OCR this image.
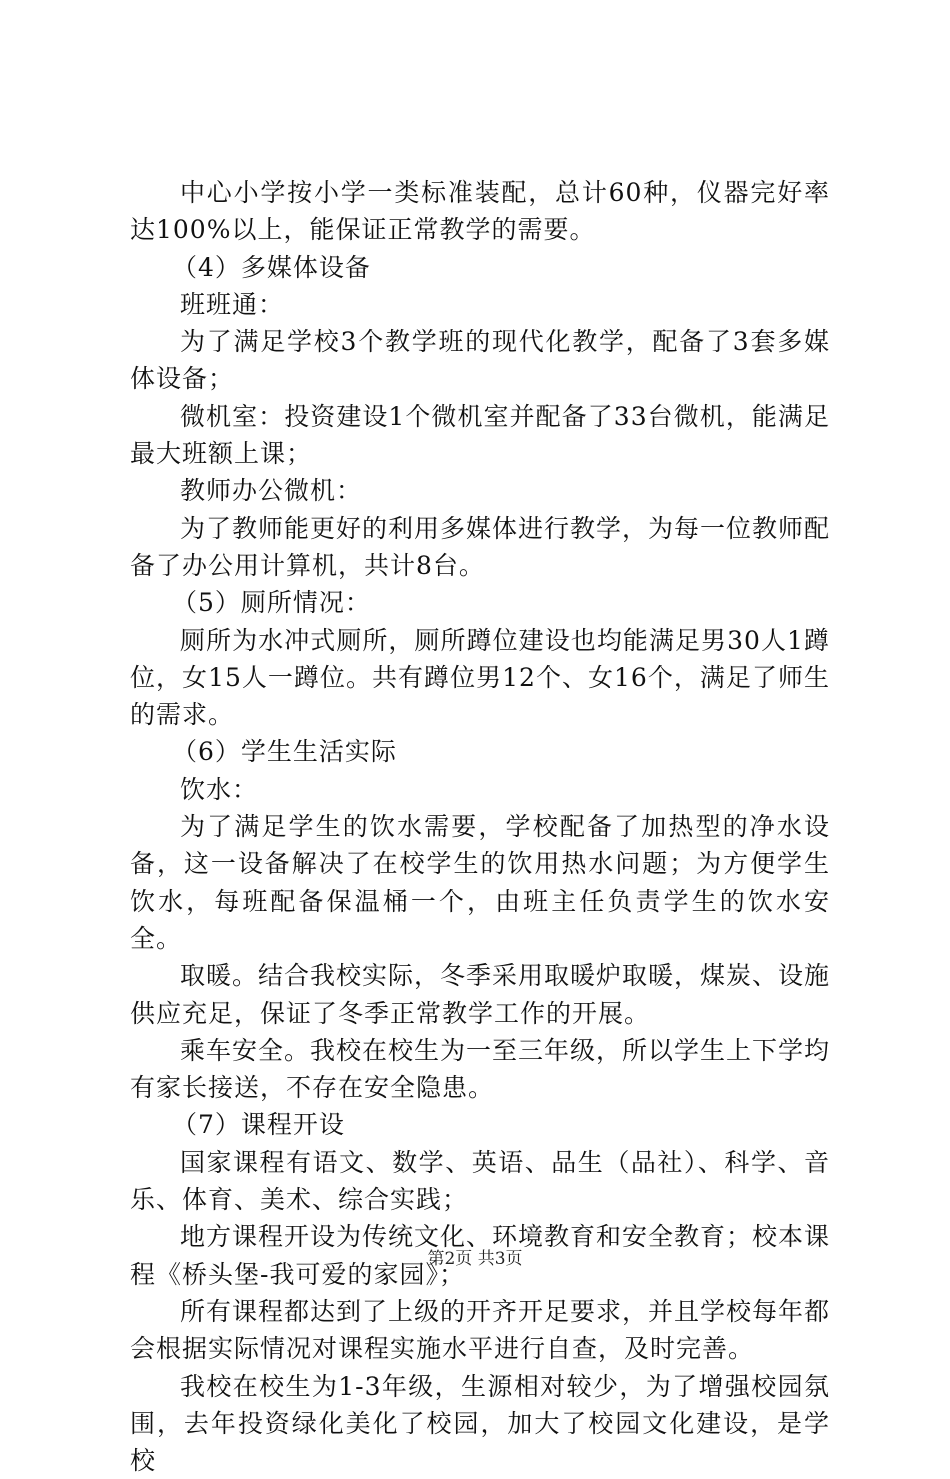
中心小学按小学一类标准装配，总计60种，仪器完好率达100%以上，能保证正常教学的需要。

（4）多媒体设备

班班通：

为了满足学校3个教学班的现代化教学，配备了3套多媒体设备；

微机室：投资建设1个微机室并配备了33台微机，能满足最大班额上课；

教师办公微机：

为了教师能更好的利用多媒体进行教学，为每一位教师配备了办公用计算机，共计8台。

（5）厕所情况：

厕所为水冲式厕所，厕所蹲位建设也均能满足男30人1蹲位，女15人一蹲位。共有蹲位男12个、女16个，满足了师生的需求。

（6）学生生活实际

饮水：

为了满足学生的饮水需要，学校配备了加热型的净水设备，这一设备解决了在校学生的饮用热水问题；为方便学生饮水，每班配备保温桶一个，由班主任负责学生的饮水安全。

取暖。结合我校实际，冬季采用取暖炉取暖，煤炭、设施供应充足，保证了冬季正常教学工作的开展。

乘车安全。我校在校生为一至三年级，所以学生上下学均有家长接送，不存在安全隐患。

（7）课程开设

国家课程有语文、数学、英语、品生（品社）、科学、音乐、体育、美术、综合实践；

地方课程开设为传统文化、环境教育和安全教育；校本课程《桥头堡-我可爱的家园》；

所有课程都达到了上级的开齐开足要求，并且学校每年都会根据实际情况对课程实施水平进行自查，及时完善。

我校在校生为1-3年级，生源相对较少，为了增强校园氛围，去年投资绿化美化了校园，加大了校园文化建设，是学校

第2页 共3页
